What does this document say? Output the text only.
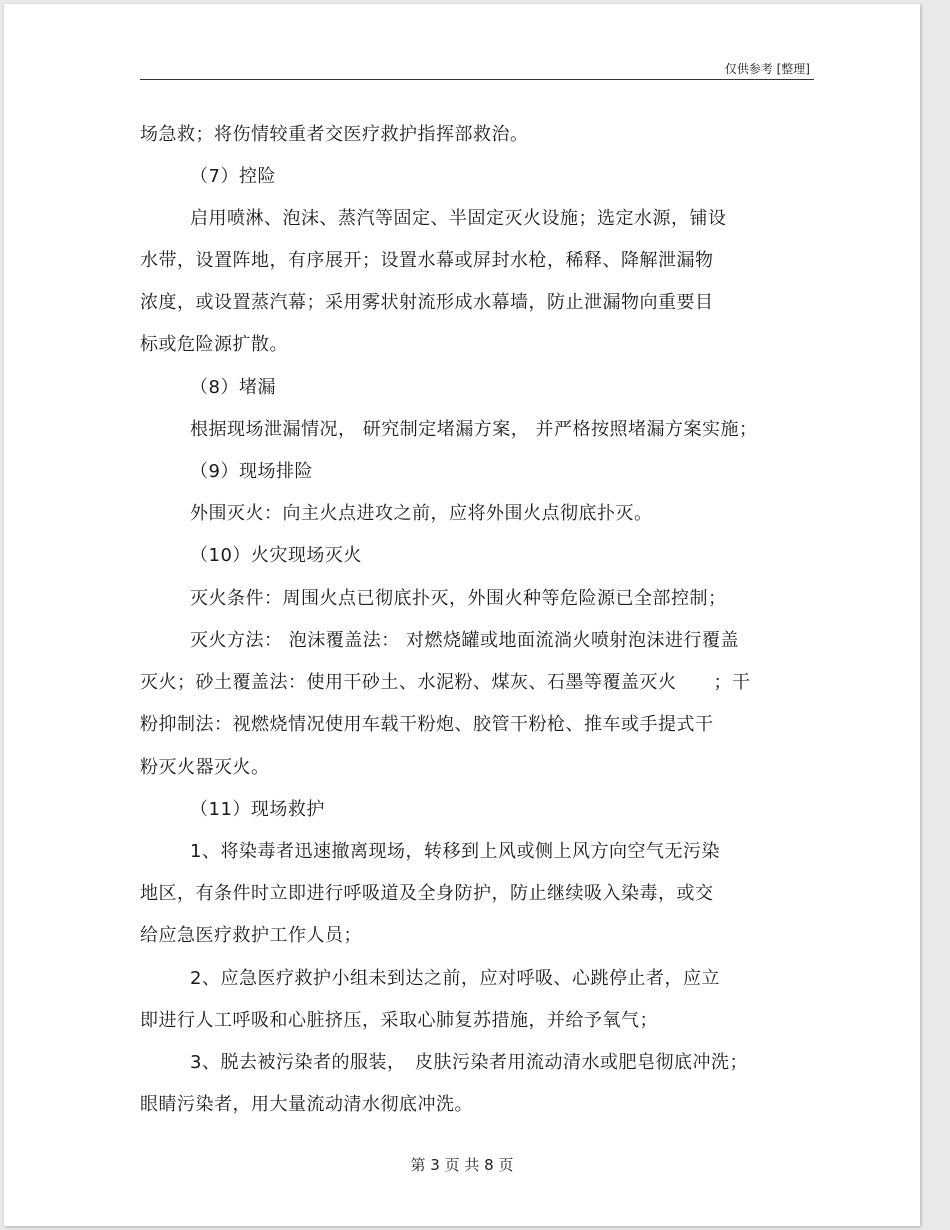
仅供参考 [整理]
场急救；将伤情较重者交医疗救护指挥部救治。
（7）控险
启用喷淋、泡沫、蒸汽等固定、半固定灭火设施；选定水源，铺设
水带，设置阵地，有序展开；设置水幕或屏封水枪，稀释、降解泄漏物
浓度，或设置蒸汽幕；采用雾状射流形成水幕墙，防止泄漏物向重要目
标或危险源扩散。
（8）堵漏
根据现场泄漏情况， 研究制定堵漏方案， 并严格按照堵漏方案实施；
（9）现场排险
外围灭火：向主火点进攻之前，应将外围火点彻底扑灭。
（10）火灾现场灭火
灭火条件：周围火点已彻底扑灭，外围火种等危险源已全部控制；
灭火方法： 泡沫覆盖法： 对燃烧罐或地面流淌火喷射泡沫进行覆盖
灭火；砂土覆盖法：使用干砂土、水泥粉、煤灰、石墨等覆盖灭火　　；干
粉抑制法：视燃烧情况使用车载干粉炮、胶管干粉枪、推车或手提式干
粉灭火器灭火。
（11）现场救护
1、将染毒者迅速撤离现场，转移到上风或侧上风方向空气无污染
地区，有条件时立即进行呼吸道及全身防护，防止继续吸入染毒，或交
给应急医疗救护工作人员；
2、应急医疗救护小组未到达之前，应对呼吸、心跳停止者，应立
即进行人工呼吸和心脏挤压，采取心肺复苏措施，并给予氧气；
3、脱去被污染者的服装，　皮肤污染者用流动清水或肥皂彻底冲洗；
眼睛污染者，用大量流动清水彻底冲洗。
第 3 页 共 8 页
